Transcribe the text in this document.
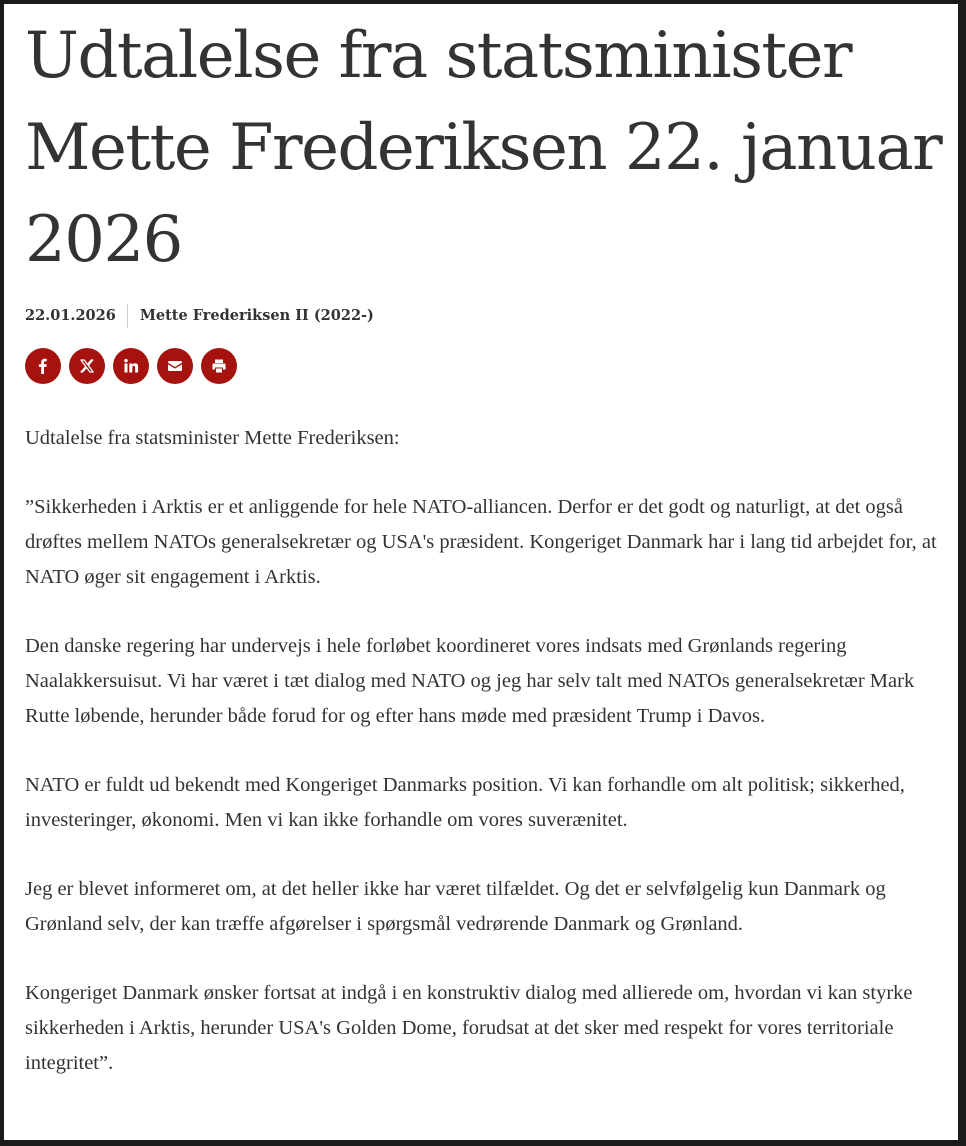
Udtalelse fra statsminister Mette Frederiksen 22. januar 2026
22.01.2026	Mette Frederiksen II (2022-)

Udtalelse fra statsminister Mette Frederiksen:

”Sikkerheden i Arktis er et anliggende for hele NATO-alliancen. Derfor er det godt og naturligt, at det også drøftes mellem NATOs generalsekretær og USA's præsident. Kongeriget Danmark har i lang tid arbejdet for, at NATO øger sit engagement i Arktis.

Den danske regering har undervejs i hele forløbet koordineret vores indsats med Grønlands regering Naalakkersuisut. Vi har været i tæt dialog med NATO og jeg har selv talt med NATOs generalsekretær Mark Rutte løbende, herunder både forud for og efter hans møde med præsident Trump i Davos.

NATO er fuldt ud bekendt med Kongeriget Danmarks position. Vi kan forhandle om alt politisk; sikkerhed, investeringer, økonomi. Men vi kan ikke forhandle om vores suverænitet.

Jeg er blevet informeret om, at det heller ikke har været tilfældet. Og det er selvfølgelig kun Danmark og Grønland selv, der kan træffe afgørelser i spørgsmål vedrørende Danmark og Grønland.

Kongeriget Danmark ønsker fortsat at indgå i en konstruktiv dialog med allierede om, hvordan vi kan styrke sikkerheden i Arktis, herunder USA's Golden Dome, forudsat at det sker med respekt for vores territoriale integritet”.
